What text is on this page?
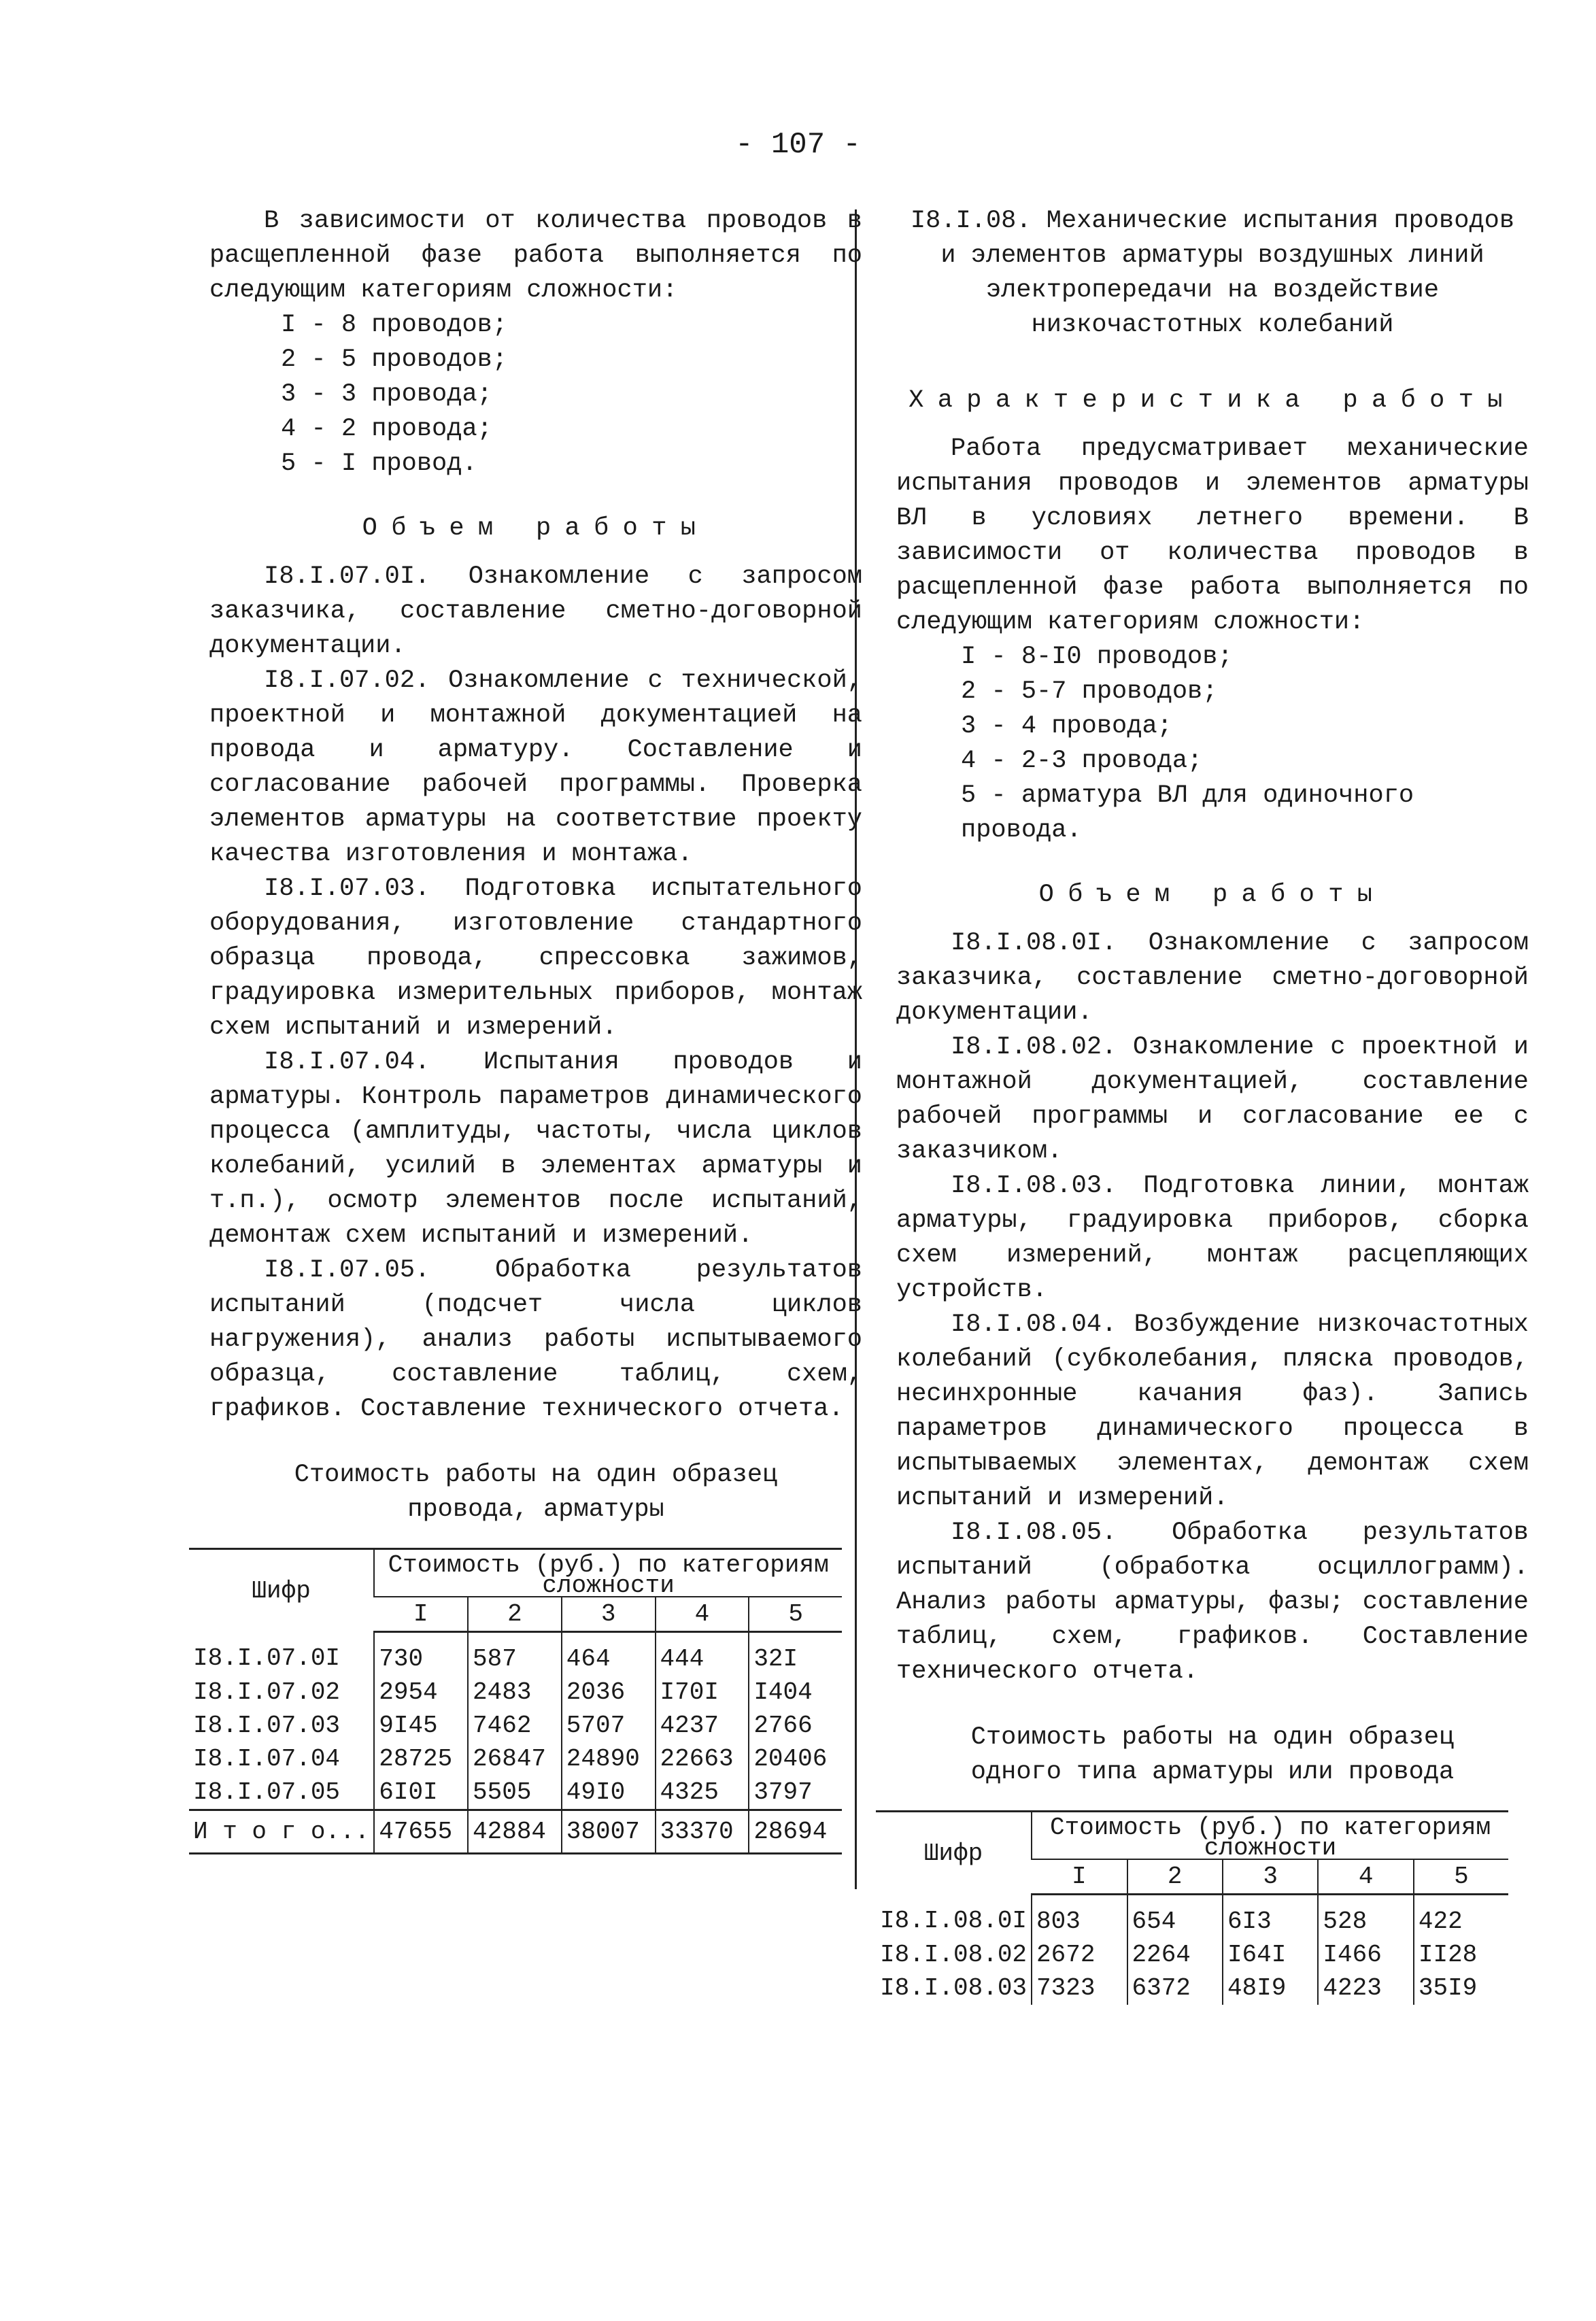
- 107 -

В зависимости от количества проводов в расщепленной фазе работа выполняется по следующим категориям сложности:

I - 8 проводов;
2 - 5 проводов;
3 - 3 провода;
4 - 2 провода;
5 - I провод.
Объем работы

I8.I.07.0I. Ознакомление с запросом заказчика, составление сметно-договорной документации.

I8.I.07.02. Ознакомление с технической, проектной и монтажной документацией на провода и арматуру. Составление и согласование рабочей программы. Проверка элементов арматуры на соответствие проекту качества изготовления и монтажа.

I8.I.07.03. Подготовка испытательного оборудования, изготовление стандартного образца провода, спрессовка зажимов, градуировка измерительных приборов, монтаж схем испытаний и измерений.

I8.I.07.04. Испытания проводов и арматуры. Контроль параметров динамического процесса (амплитуды, частоты, числа циклов колебаний, усилий в элементах арматуры и т.п.), осмотр элементов после испытаний, демонтаж схем испытаний и измерений.

I8.I.07.05. Обработка результатов испытаний (подсчет числа циклов нагружения), анализ работы испытываемого образца, составление таблиц, схем, графиков. Составление технического отчета.

Стоимость работы на один образец
провода, арматуры
Шифр	Стоимость (руб.) по категориям сложности				
	I	2	3	4	5
I8.I.07.0I	730	587	464	444	32I
I8.I.07.02	2954	2483	2036	I70I	I404
I8.I.07.03	9I45	7462	5707	4237	2766
I8.I.07.04	28725	26847	24890	22663	20406
I8.I.07.05	6I0I	5505	49I0	4325	3797
И т о г о...	47655	42884	38007	33370	28694
I8.I.08. Механические испытания проводов
и элементов арматуры воздушных линий
электропередачи на воздействие
низкочастотных колебаний
Характеристика работы

Работа предусматривает механические испытания проводов и элементов арматуры ВЛ в условиях летнего времени. В зависимости от количества проводов в расщепленной фазе работа выполняется по следующим категориям сложности:

I - 8-I0 проводов;
2 - 5-7 проводов;
3 - 4 провода;
4 - 2-3 провода;
5 - арматура ВЛ для одиночного провода.
Объем работы

I8.I.08.0I. Ознакомление с запросом заказчика, составление сметно-договорной документации.

I8.I.08.02. Ознакомление с проектной и монтажной документацией, составление рабочей программы и согласование ее с заказчиком.

I8.I.08.03. Подготовка линии, монтаж арматуры, градуировка приборов, сборка схем измерений, монтаж расцепляющих устройств.

I8.I.08.04. Возбуждение низкочастотных колебаний (субколебания, пляска проводов, несинхронные качания фаз). Запись параметров динамического процесса в испытываемых элементах, демонтаж схем испытаний и измерений.

I8.I.08.05. Обработка результатов испытаний (обработка осциллограмм). Анализ работы арматуры, фазы; составление таблиц, схем, графиков. Составление технического отчета.

Стоимость работы на один образец
одного типа арматуры или провода
Шифр	Стоимость (руб.) по категориям сложности				
	I	2	3	4	5
I8.I.08.0I	803	654	6I3	528	422
I8.I.08.02	2672	2264	I64I	I466	II28
I8.I.08.03	7323	6372	48I9	4223	35I9
